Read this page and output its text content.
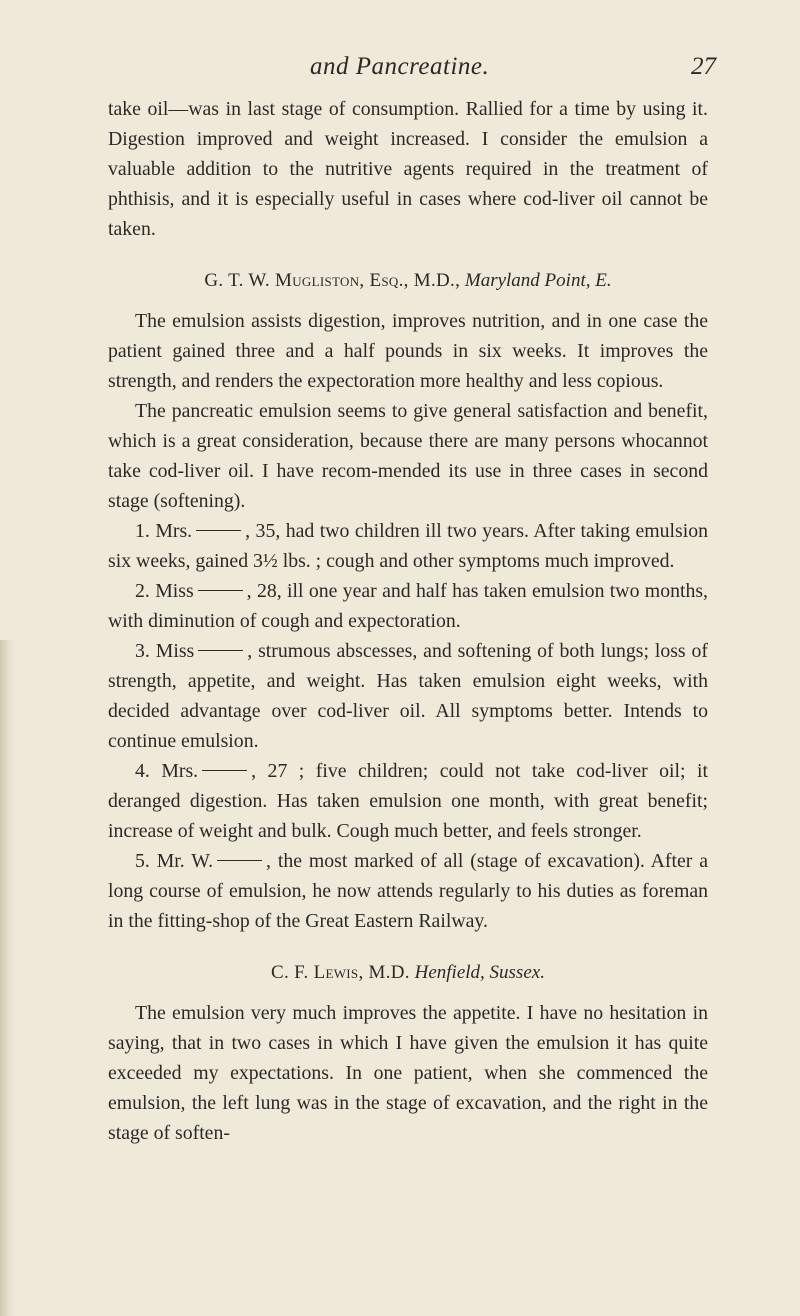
and Pancreatine.	27

take oil—was in last stage of consumption. Rallied for a time by using it. Digestion improved and weight increased. I consider the emulsion a valuable addition to the nutritive agents required in the treatment of phthisis, and it is especially useful in cases where cod-liver oil cannot be taken.

G. T. W. Mugliston, Esq., M.D., Maryland Point, E.

The emulsion assists digestion, improves nutrition, and in one case the patient gained three and a half pounds in six weeks. It improves the strength, and renders the expectoration more healthy and less copious.

The pancreatic emulsion seems to give general satisfaction and benefit, which is a great consideration, because there are many persons whocannot take cod-liver oil. I have recom-mended its use in three cases in second stage (softening).

1. Mrs.	, 35, had two children ill two years. After taking emulsion six weeks, gained 3½ lbs. ; cough and other symptoms much improved.

2. Miss	, 28, ill one year and half has taken emulsion two months, with diminution of cough and expectoration.

3. Miss	, strumous abscesses, and softening of both lungs; loss of strength, appetite, and weight. Has taken emulsion eight weeks, with decided advantage over cod-liver oil. All symptoms better. Intends to continue emulsion.

4. Mrs.	, 27 ; five children; could not take cod-liver oil; it deranged digestion. Has taken emulsion one month, with great benefit; increase of weight and bulk. Cough much better, and feels stronger.

5. Mr. W.	, the most marked of all (stage of excavation). After a long course of emulsion, he now attends regularly to his duties as foreman in the fitting-shop of the Great Eastern Railway.

C. F. Lewis, M.D. Henfield, Sussex.

The emulsion very much improves the appetite. I have no hesitation in saying, that in two cases in which I have given the emulsion it has quite exceeded my expectations. In one patient, when she commenced the emulsion, the left lung was in the stage of excavation, and the right in the stage of soften-
